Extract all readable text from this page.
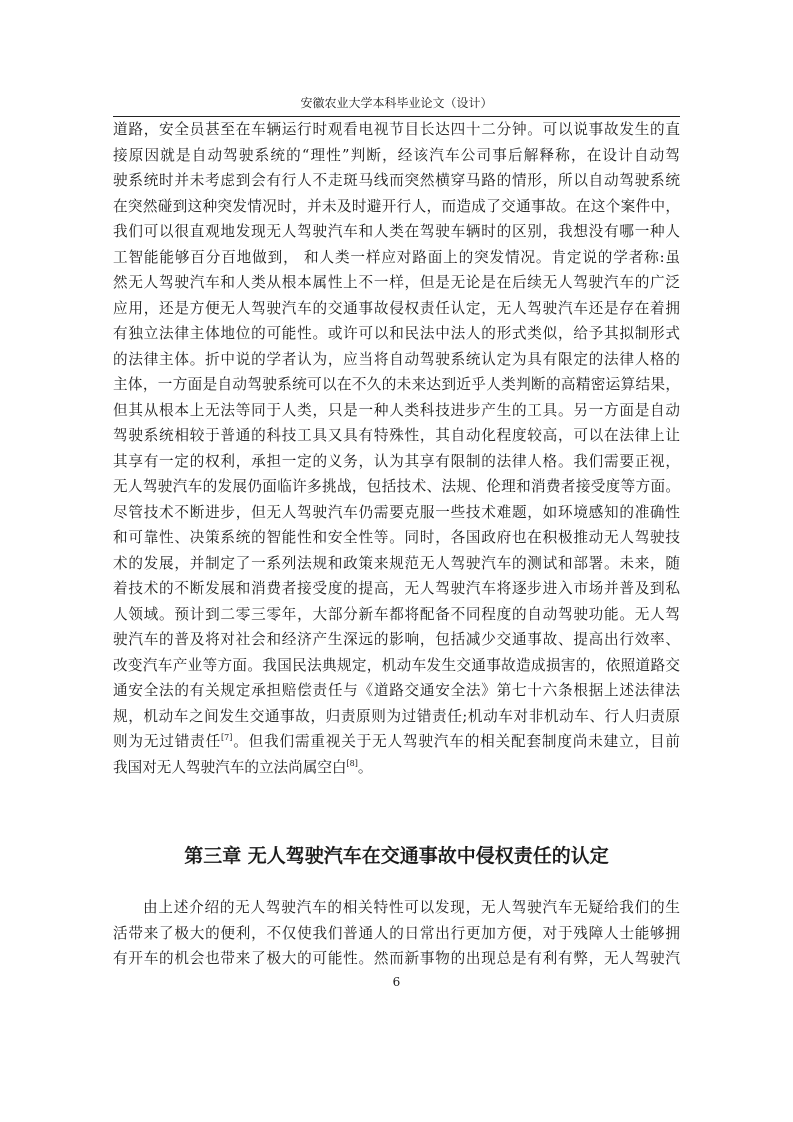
安徽农业大学本科毕业论文（设计）
道路，安全员甚至在车辆运行时观看电视节目长达四十二分钟。可以说事故发生的直
接原因就是自动驾驶系统的“理性”判断，经该汽车公司事后解释称，在设计自动驾
驶系统时并未考虑到会有行人不走斑马线而突然横穿马路的情形，所以自动驾驶系统
在突然碰到这种突发情况时，并未及时避开行人，而造成了交通事故。在这个案件中，
我们可以很直观地发现无人驾驶汽车和人类在驾驶车辆时的区别，我想没有哪一种人
工智能能够百分百地做到， 和人类一样应对路面上的突发情况。肯定说的学者称:虽
然无人驾驶汽车和人类从根本属性上不一样，但是无论是在后续无人驾驶汽车的广泛
应用，还是方便无人驾驶汽车的交通事故侵权责任认定，无人驾驶汽车还是存在着拥
有独立法律主体地位的可能性。或许可以和民法中法人的形式类似，给予其拟制形式
的法律主体。折中说的学者认为，应当将自动驾驶系统认定为具有限定的法律人格的
主体，一方面是自动驾驶系统可以在不久的未来达到近乎人类判断的高精密运算结果，
但其从根本上无法等同于人类，只是一种人类科技进步产生的工具。另一方面是自动
驾驶系统相较于普通的科技工具又具有特殊性，其自动化程度较高，可以在法律上让
其享有一定的权利，承担一定的义务，认为其享有限制的法律人格。我们需要正视，
无人驾驶汽车的发展仍面临许多挑战，包括技术、法规、伦理和消费者接受度等方面。
尽管技术不断进步，但无人驾驶汽车仍需要克服一些技术难题，如环境感知的准确性
和可靠性、决策系统的智能性和安全性等。同时，各国政府也在积极推动无人驾驶技
术的发展，并制定了一系列法规和政策来规范无人驾驶汽车的测试和部署。未来，随
着技术的不断发展和消费者接受度的提高，无人驾驶汽车将逐步进入市场并普及到私
人领域。预计到二零三零年，大部分新车都将配备不同程度的自动驾驶功能。无人驾
驶汽车的普及将对社会和经济产生深远的影响，包括减少交通事故、提高出行效率、
改变汽车产业等方面。我国民法典规定，机动车发生交通事故造成损害的，依照道路交
通安全法的有关规定承担赔偿责任与《道路交通安全法》第七十六条根据上述法律法
规，机动车之间发生交通事故，归责原则为过错责任;机动车对非机动车、行人归责原
则为无过错责任[7]。但我们需重视关于无人驾驶汽车的相关配套制度尚未建立，目前
我国对无人驾驶汽车的立法尚属空白[8]。
第三章 无人驾驶汽车在交通事故中侵权责任的认定
由上述介绍的无人驾驶汽车的相关特性可以发现，无人驾驶汽车无疑给我们的生
活带来了极大的便利，不仅使我们普通人的日常出行更加方便，对于残障人士能够拥
有开车的机会也带来了极大的可能性。然而新事物的出现总是有利有弊，无人驾驶汽
6
